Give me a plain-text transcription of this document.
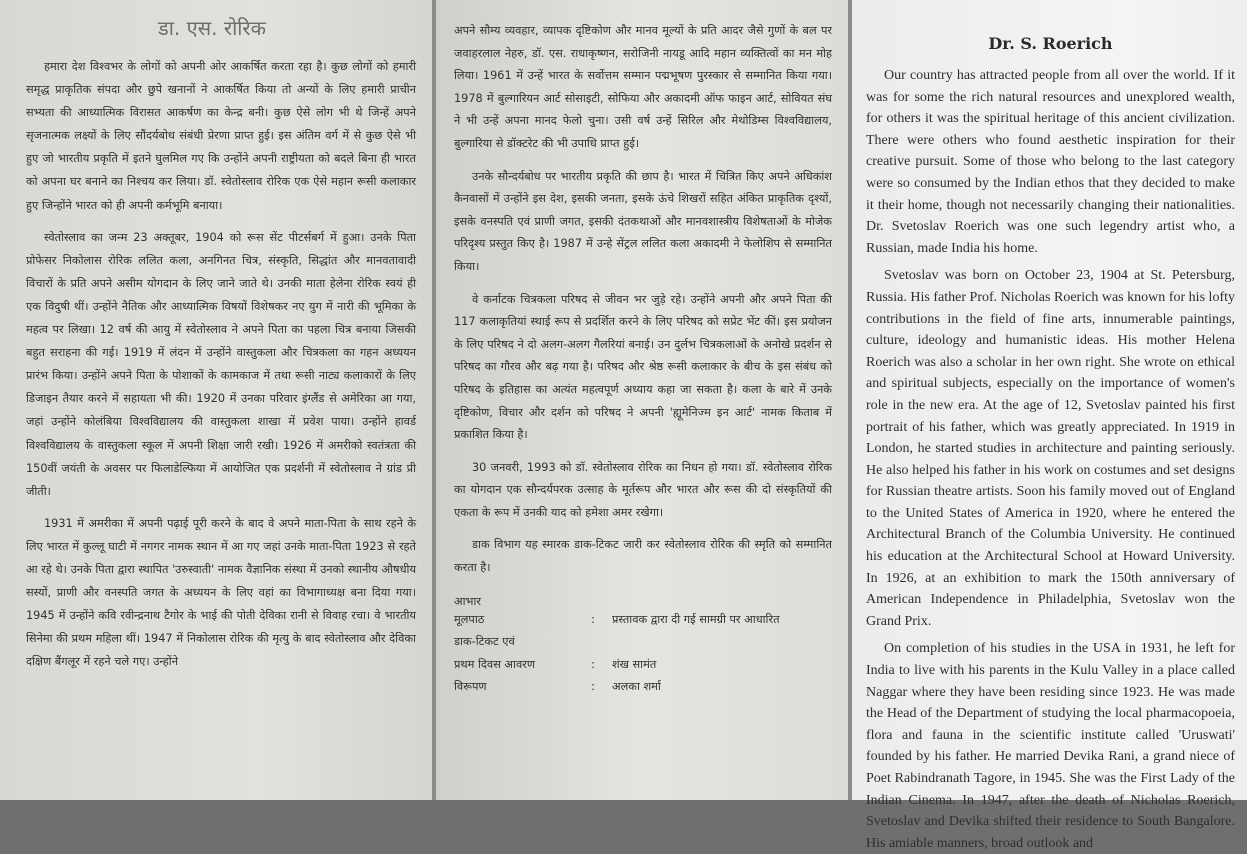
डा. एस. रोरिक

हमारा देश विश्वभर के लोगों को अपनी ओर आकर्षित करता रहा है। कुछ लोगों को हमारी समृद्ध प्राकृतिक संपदा और छुपे खनानों ने आकर्षित किया तो अन्यों के लिए हमारी प्राचीन सभ्यता की आध्यात्मिक विरासत आकर्षण का केन्द्र बनी। कुछ ऐसे लोग भी थे जिन्हें अपने सृजनात्मक लक्ष्यों के लिए सौंदर्यबोध संबंधी प्रेरणा प्राप्त हुई। इस अंतिम वर्ग में से कुछ ऐसे भी हुए जो भारतीय प्रकृति में इतने घुलमिल गए कि उन्होंने अपनी राष्ट्रीयता को बदले बिना ही भारत को अपना घर बनाने का निश्चय कर लिया। डॉ. स्वेतोस्लाव रोरिक एक ऐसे महान रूसी कलाकार हुए जिन्होंने भारत को ही अपनी कर्मभूमि बनाया।

स्वेतोस्लाव का जन्म 23 अक्तूबर, 1904 को रूस सेंट पीटर्सबर्ग में हुआ। उनके पिता प्रोफेसर निकोलास रोरिक ललित कला, अनगिनत चित्र, संस्कृति, सिद्धांत और मानवतावादी विचारों के प्रति अपने असीम योगदान के लिए जाने जाते थे। उनकी माता हेलेना रोरिक स्वयं ही एक विदुषी थीं। उन्होंने नैतिक और आध्यात्मिक विषयों विशेषकर नए युग में नारी की भूमिका के महत्व पर लिखा। 12 वर्ष की आयु में स्वेतोस्लाव ने अपने पिता का पहला चित्र बनाया जिसकी बहुत सराहना की गई। 1919 में लंदन में उन्होंने वास्तुकला और चित्रकला का गहन अध्ययन प्रारंभ किया। उन्होंने अपने पिता के पोशाकों के कामकाज में तथा रूसी नाट्य कलाकारों के लिए डिजाइन तैयार करने में सहायता भी की। 1920 में उनका परिवार इंग्लैंड से अमेरिका आ गया, जहां उन्होंने कोलंबिया विश्वविद्यालय की वास्तुकला शाखा में प्रवेश पाया। उन्होंने हावर्ड विश्वविद्यालय के वास्तुकला स्कूल में अपनी शिक्षा जारी रखी। 1926 में अमरीको स्वतंत्रता की 150वीं जयंती के अवसर पर फिलाडेल्फिया में आयोजित एक प्रदर्शनी में स्वेतोस्लाव ने ग्रांड प्री जीती।

1931 में अमरीका में अपनी पढ़ाई पूरी करने के बाद वे अपने माता-पिता के साथ रहने के लिए भारत में कुल्लू घाटी में नगगर नामक स्थान में आ गए जहां उनके माता-पिता 1923 से रहते आ रहे थे। उनके पिता द्वारा स्थापित 'उरुस्वाती' नामक वैज्ञानिक संस्था में उनको स्थानीय औषधीय सस्यों, प्राणी और वनस्पति जगत के अध्ययन के लिए वहां का विभागाध्यक्ष बना दिया गया। 1945 में उन्होंने कवि रवीन्द्रनाथ टैगोर के भाई की पोती देविका रानी से विवाह रचा। वे भारतीय सिनेमा की प्रथम महिला थीं। 1947 में निकोलास रोरिक की मृत्यु के बाद स्वेतोस्लाव और देविका दक्षिण बैंगलूर में रहने चले गए। उन्होंने

अपने सौम्य व्यवहार, व्यापक दृष्टिकोण और मानव मूल्यों के प्रति आदर जैसे गुणों के बल पर जवाहरलाल नेहरु, डॉ. एस. राधाकृष्णन, सरोजिनी नायडू आदि महान व्यक्तित्वों का मन मोह लिया। 1961 में उन्हें भारत के सर्वोत्तम सम्मान पद्मभूषण पुरस्कार से सम्मानित किया गया। 1978 में बुल्गारियन आर्ट सोसाइटी, सोफिया और अकादमी ऑफ फाइन आर्ट, सोवियत संघ ने भी उन्हें अपना मानद फेलो चुना। उसी वर्ष उन्हें सिरिल और मेथोडिम्स विश्वविद्यालय, बुल्गारिया से डॉक्टरेट की भी उपाधि प्राप्त हुई।

उनके सौन्दर्यबोध पर भारतीय प्रकृति की छाप है। भारत में चित्रित किए अपने अधिकांश कैनवासों में उन्होंने इस देश, इसकी जनता, इसके ऊंचे शिखरों सहित अंकित प्राकृतिक दृश्यों, इसके वनस्पति एवं प्राणी जगत, इसकी दंतकथाओं और मानवशास्त्रीय विशेषताओं के मोजेक परिदृश्य प्रस्तुत किए है। 1987 में उन्हे सेंट्रल ललित कला अकादमी ने फेलोशिप से सम्मानित किया।

वे कर्नाटक चित्रकला परिषद से जीवन भर जुड़े रहे। उन्होंने अपनी और अपने पिता की 117 कलाकृतियां स्थाई रूप से प्रदर्शित करने के लिए परिषद को सप्रेट भेंट कीं। इस प्रयोजन के लिए परिषद ने दो अलग-अलग गैलरियां बनाई। उन दुर्लभ चित्रकलाओं के अनोखे प्रदर्शन से परिषद का गौरव और बढ़ गया है। परिषद और श्रेष्ठ रूसी कलाकार के बीच के इस संबंध को परिषद के इतिहास का अत्यंत महत्वपूर्ण अध्याय कहा जा सकता है। कला के बारे में उनके दृष्टिकोण, विचार और दर्शन को परिषद ने अपनी 'ह्यूमेनिज्म इन आर्ट' नामक किताब में प्रकाशित किया है।

30 जनवरी, 1993 को डॉ. स्वेतोस्लाव रोरिक का निधन हो गया। डॉ. स्वेतोस्लाव रोरिक का योगदान एक सौन्दर्यपरक उत्साह के मूर्तरूप और भारत और रूस की दो संस्कृतियों की एकता के रूप में उनकी याद को हमेशा अमर रखेगा।

डाक विभाग यह स्मारक डाक-टिकट जारी कर स्वेतोस्लाव रोरिक की स्मृति को सम्मानित करता है।

आभार
मूलपाठ	:	प्रस्तावक द्वारा दी गई सामग्री पर आधारित
डाक-टिकट एवं
प्रथम दिवस आवरण	:	शंख सामंत
विरूपण	:	अलका शर्मा
Dr. S. Roerich

Our country has attracted people from all over the world. If it was for some the rich natural resources and unexplored wealth, for others it was the spiritual heritage of this ancient civilization. There were others who found aesthetic inspiration for their creative pursuit. Some of those who belong to the last category were so consumed by the Indian ethos that they decided to make it their home, though not necessarily changing their nationalities. Dr. Svetoslav Roerich was one such legendry artist who, a Russian, made India his home.

Svetoslav was born on October 23, 1904 at St. Petersburg, Russia. His father Prof. Nicholas Roerich was known for his lofty contributions in the field of fine arts, innumerable paintings, culture, ideology and humanistic ideas. His mother Helena Roerich was also a scholar in her own right. She wrote on ethical and spiritual subjects, especially on the importance of women's role in the new era. At the age of 12, Svetoslav painted his first portrait of his father, which was greatly appreciated. In 1919 in London, he started studies in architecture and painting seriously. He also helped his father in his work on costumes and set designs for Russian theatre artists. Soon his family moved out of England to the United States of America in 1920, where he entered the Architectural Branch of the Columbia University. He continued his education at the Architectural School at Howard University. In 1926, at an exhibition to mark the 150th anniversary of American Independence in Philadelphia, Svetoslav won the Grand Prix.

On completion of his studies in the USA in 1931, he left for India to live with his parents in the Kulu Valley in a place called Naggar where they have been residing since 1923. He was made the Head of the Department of studying the local pharmacopoeia, flora and fauna in the scientific institute called 'Uruswati' founded by his father. He married Devika Rani, a grand niece of Poet Rabindranath Tagore, in 1945. She was the First Lady of the Indian Cinema. In 1947, after the death of Nicholas Roerich, Svetoslav and Devika shifted their residence to South Bangalore. His amiable manners, broad outlook and
